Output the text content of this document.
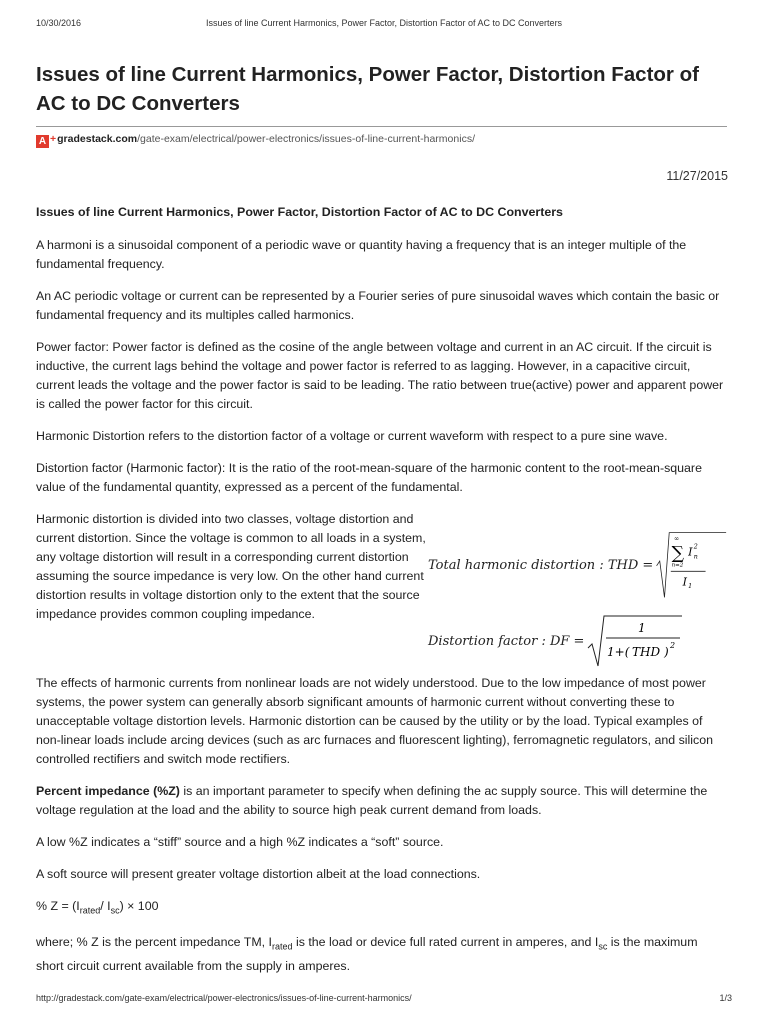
10/30/2016	Issues of line Current Harmonics, Power Factor, Distortion Factor of AC to DC Converters
Issues of line Current Harmonics, Power Factor, Distortion Factor of AC to DC Converters
A +gradestack.com/gate-exam/electrical/power-electronics/issues-of-line-current-harmonics/
11/27/2015

Issues of line Current Harmonics, Power Factor, Distortion Factor of AC to DC Converters

A harmoni is a sinusoidal component of a periodic wave or quantity having a frequency that is an integer multiple of the fundamental frequency.

An AC periodic voltage or current can be represented by a Fourier series of pure sinusoidal waves which contain the basic or fundamental frequency and its multiples called harmonics.

Power factor: Power factor is defined as the cosine of the angle between voltage and current in an AC circuit. If the circuit is inductive, the current lags behind the voltage and power factor is referred to as lagging. However, in a capacitive circuit, current leads the voltage and the power factor is said to be leading. The ratio between true(active) power and apparent power is called the power factor for this circuit.

Harmonic Distortion refers to the distortion factor of a voltage or current waveform with respect to a pure sine wave.

Distortion factor (Harmonic factor): It is the ratio of the root-mean-square of the harmonic content to the root-mean-square value of the fundamental quantity, expressed as a percent of the fundamental.

Harmonic distortion is divided into two classes, voltage distortion and current distortion. Since the voltage is common to all loads in a system, any voltage distortion will result in a corresponding current distortion assuming the source impedance is very low. On the other hand current distortion results in voltage distortion only to the extent that the source impedance provides common coupling impedance.

Total harmonic distortion : THD =
∞
∑
n=2
I 2
n
I 1
Distortion factor : DF =
1
1+( THD ) 2

The effects of harmonic currents from nonlinear loads are not widely understood. Due to the low impedance of most power systems, the power system can generally absorb significant amounts of harmonic current without converting these to unacceptable voltage distortion levels. Harmonic distortion can be caused by the utility or by the load. Typical examples of non-linear loads include arcing devices (such as arc furnaces and fluorescent lighting), ferromagnetic regulators, and silicon controlled rectifiers and switch mode rectifiers.

Percent impedance (%Z) is an important parameter to specify when defining the ac supply source. This will determine the voltage regulation at the load and the ability to source high peak current demand from loads.

A low %Z indicates a “stiff” source and a high %Z indicates a “soft” source.

A soft source will present greater voltage distortion albeit at the load connections.

% $Z = (I_{rated}/$ $I_{sc}) \times 100$

where; % Z is the percent impedance TM, $I_{rated}$ is the load or device full rated current in amperes, and $I_{sc}$ is the maximum short circuit current available from the supply in amperes.

http://gradestack.com/gate-exam/electrical/power-electronics/issues-of-line-current-harmonics/	1/3
